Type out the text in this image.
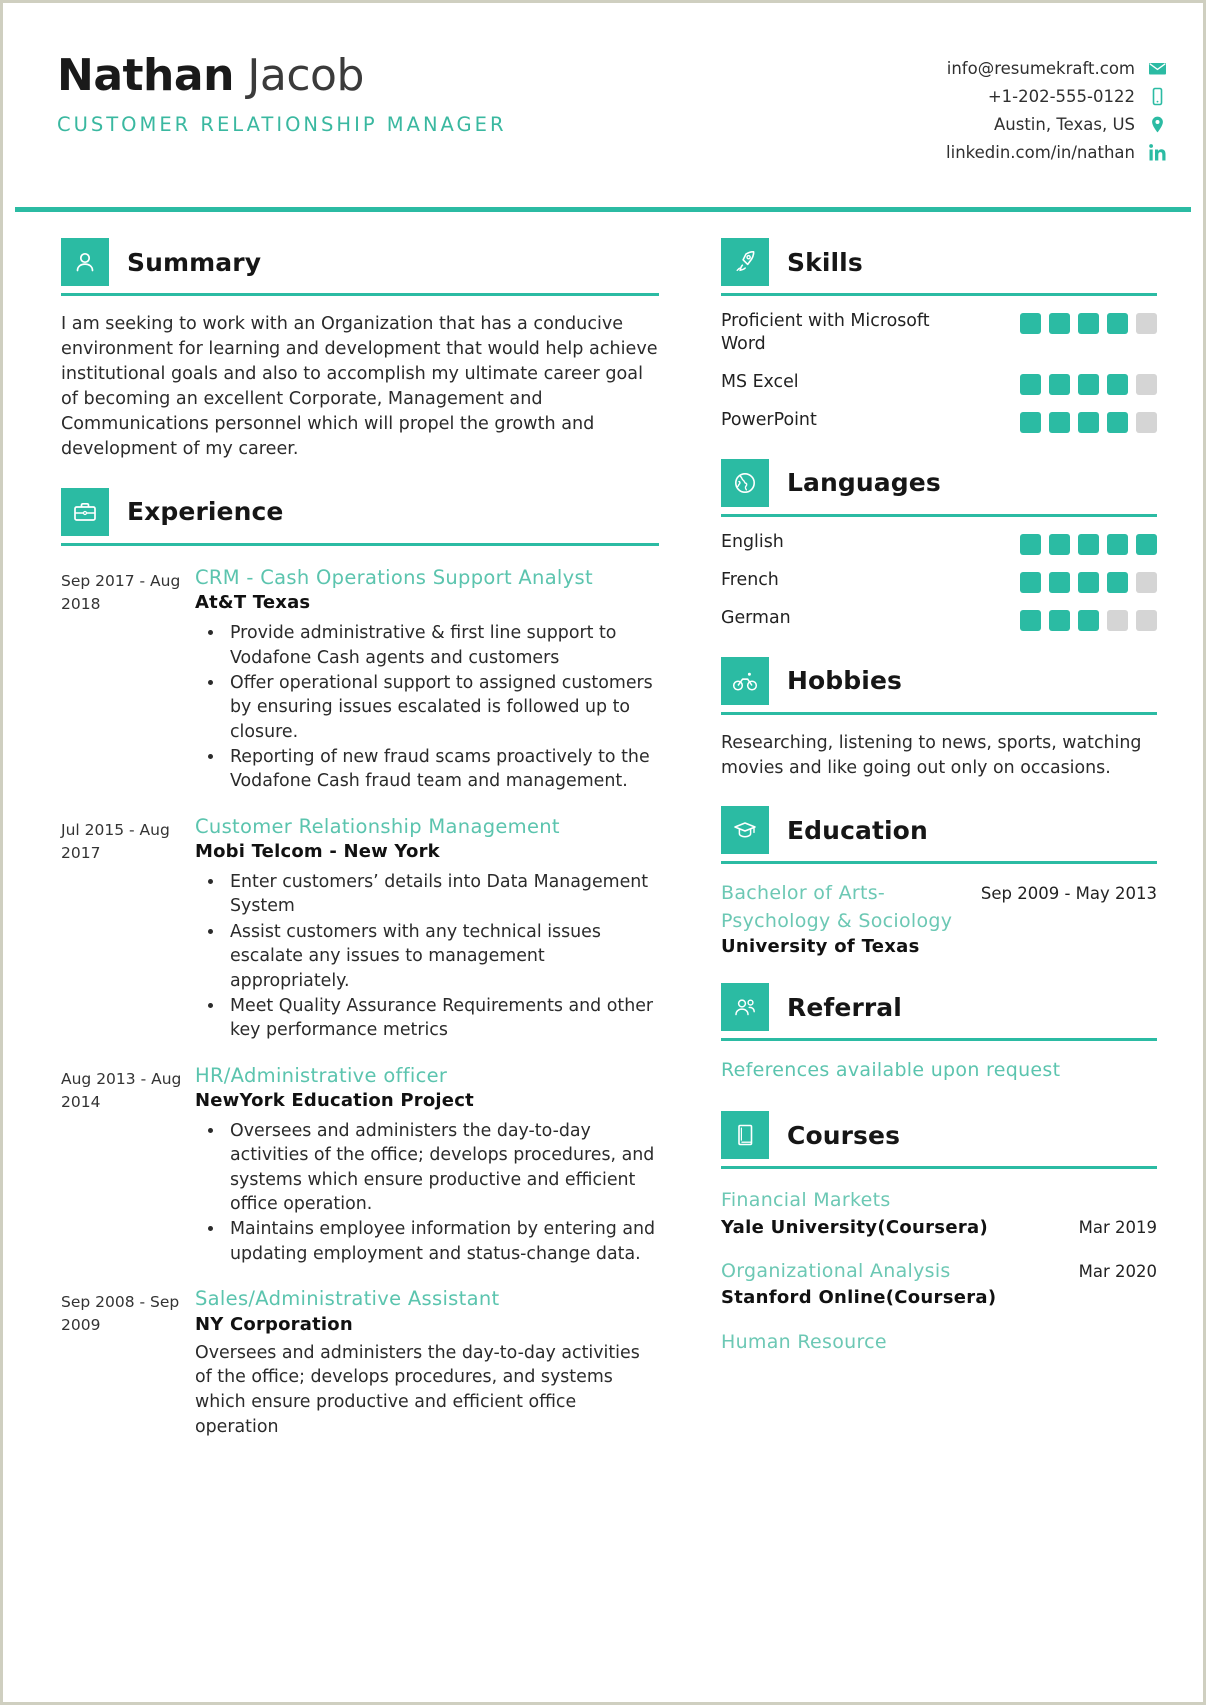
Nathan Jacob
CUSTOMER RELATIONSHIP MANAGER
info@resumekraft.com
+1-202-555-0122
Austin, Texas, US
linkedin.com/in/nathan
Summary
I am seeking to work with an Organization that has a conducive environment for learning and development that would help achieve institutional goals and also to accomplish my ultimate career goal of becoming an excellent Corporate, Management and Communications personnel which will propel the growth and development of my career.
Experience
Sep 2017 - Aug 2018
CRM - Cash Operations Support Analyst
At&T Texas
• Provide administrative & first line support to Vodafone Cash agents and customers
• Offer operational support to assigned customers by ensuring issues escalated is followed up to closure.
• Reporting of new fraud scams proactively to the Vodafone Cash fraud team and management.
Jul 2015 - Aug 2017
Customer Relationship Management
Mobi Telcom - New York
• Enter customers’ details into Data Management System
• Assist customers with any technical issues escalate any issues to management appropriately.
• Meet Quality Assurance Requirements and other key performance metrics
Aug 2013 - Aug 2014
HR/Administrative officer
NewYork Education Project
• Oversees and administers the day-to-day activities of the office; develops procedures, and systems which ensure productive and efficient office operation.
• Maintains employee information by entering and updating employment and status-change data.
Sep 2008 - Sep 2009
Sales/Administrative Assistant
NY Corporation
Oversees and administers the day-to-day activities of the office; develops procedures, and systems which ensure productive and efficient office operation
Skills
Proficient with Microsoft Word
MS Excel
PowerPoint
Languages
English
French
German
Hobbies
Researching, listening to news, sports, watching movies and like going out only on occasions.
Education
Bachelor of Arts-Psychology & Sociology
Sep 2009 - May 2013
University of Texas
Referral
References available upon request
Courses
Financial Markets
Yale University(Coursera)	Mar 2019
Organizational Analysis	Mar 2020
Stanford Online(Coursera)
Human Resource
